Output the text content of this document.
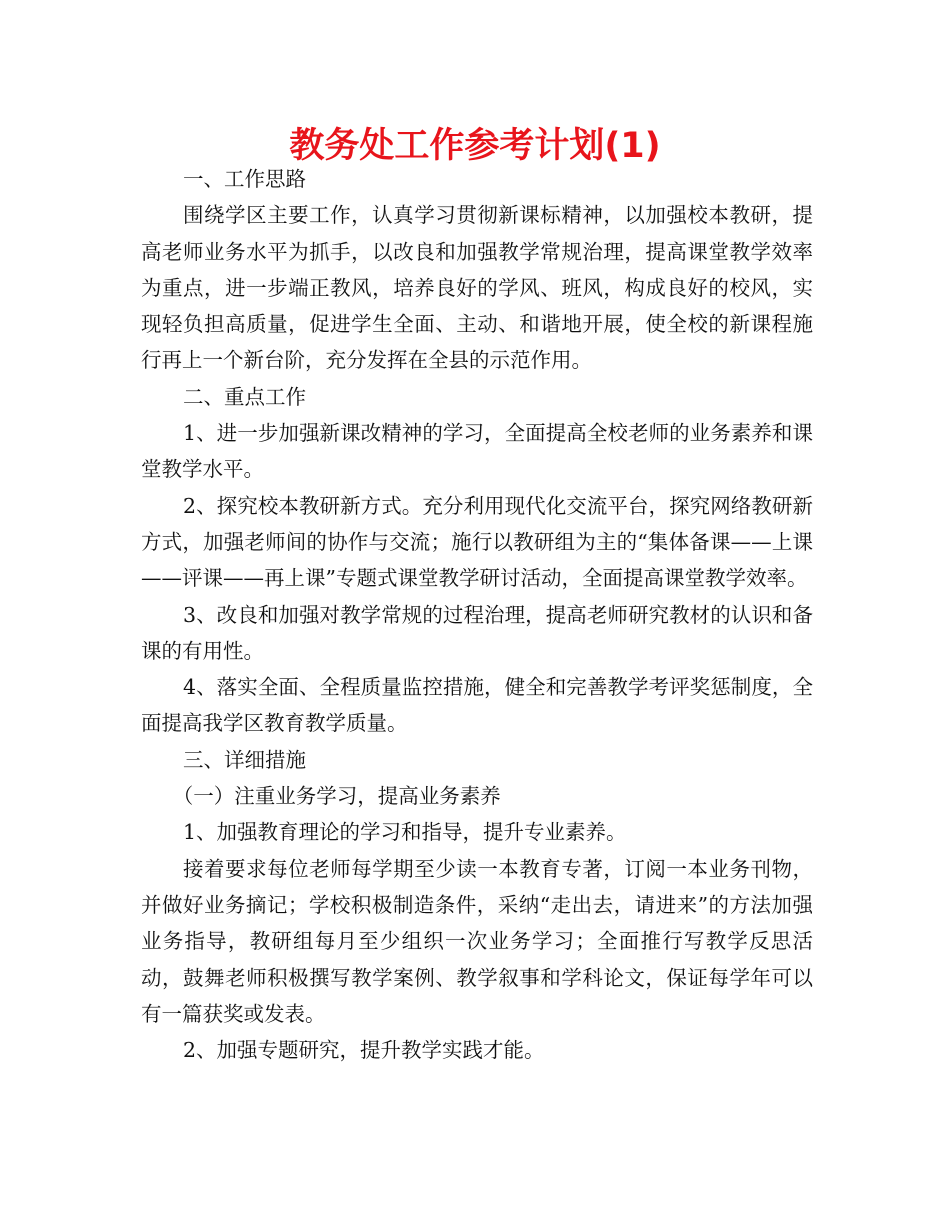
教务处工作参考计划(1)

一、工作思路

围绕学区主要工作，认真学习贯彻新课标精神，以加强校本教研，提高老师业务水平为抓手，以改良和加强教学常规治理，提高课堂教学效率为重点，进一步端正教风，培养良好的学风、班风，构成良好的校风，实现轻负担高质量，促进学生全面、主动、和谐地开展，使全校的新课程施行再上一个新台阶，充分发挥在全县的示范作用。

二、重点工作

1、进一步加强新课改精神的学习，全面提高全校老师的业务素养和课堂教学水平。

2、探究校本教研新方式。充分利用现代化交流平台，探究网络教研新方式，加强老师间的协作与交流；施行以教研组为主的“集体备课——上课——评课——再上课”专题式课堂教学研讨活动，全面提高课堂教学效率。

3、改良和加强对教学常规的过程治理，提高老师研究教材的认识和备课的有用性。

4、落实全面、全程质量监控措施，健全和完善教学考评奖惩制度，全面提高我学区教育教学质量。

三、详细措施

（一）注重业务学习，提高业务素养

1、加强教育理论的学习和指导，提升专业素养。

接着要求每位老师每学期至少读一本教育专著，订阅一本业务刊物，并做好业务摘记；学校积极制造条件，采纳“走出去，请进来”的方法加强业务指导，教研组每月至少组织一次业务学习；全面推行写教学反思活动，鼓舞老师积极撰写教学案例、教学叙事和学科论文，保证每学年可以有一篇获奖或发表。

2、加强专题研究，提升教学实践才能。
